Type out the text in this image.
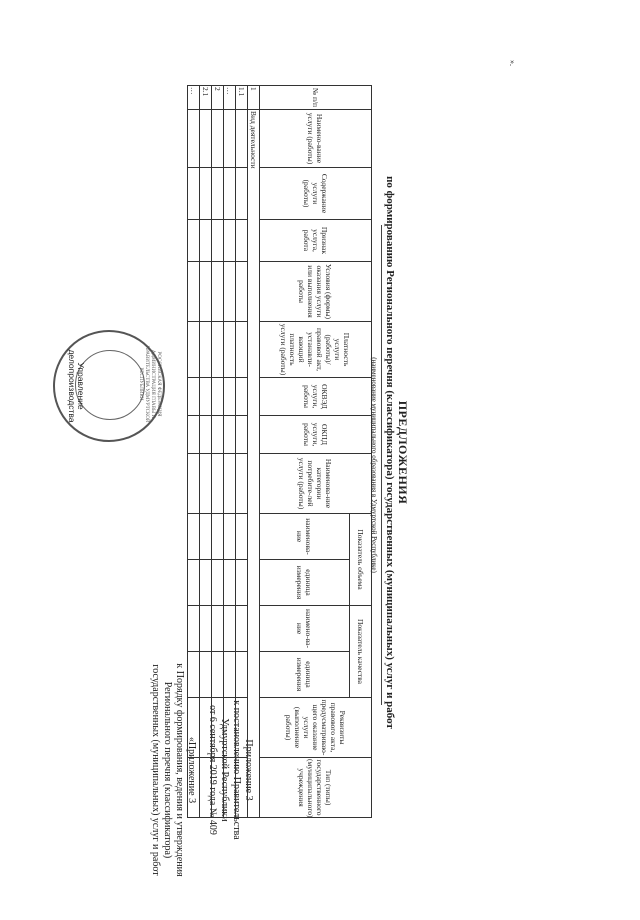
Приложение 3
к постановлению Правительства
Удмуртской Республики
от 6 сентября 2019 года № 409
«Приложение 3
к Порядку формирования, ведения и утверждения
Регионального перечня (классификатора)
государственных (муниципальных) услуг и работ
ПРЕДЛОЖЕНИЯ
по формированию Регионального перечня (классификатора) государственных (муниципальных) услуг и работ
(наименование муниципального образования в Удмуртской Республике)
№ п/п	Наимено-вание услуги (работы)	Содержание услуги (работы)	Признак услуга, работа	Условия (формы) оказания услуги или выполнения работы	Платность услуги (работы)/ правовой акт, устанавли-вающий платность услуги (работы)	ОКВЭД услуги, работы	ОКПД услуги, работы	Наименова-ние категории потребите-лей услуги (работы)	Показатель объема		Показатель качества		Реквизиты правового акта, предусматриваю-щего оказание услуги (выполнение работы)	Тип (типы) государственного (муниципального) учреждения
									наименова-ние	единица измерения	наимено-ва-ние	единица измерения		
1	Вид деятельности													
1.1														
…														
2														
2.1														
…														
РОССИЙСКАЯ ФЕДЕРАЦИЯ АДМИНИСТРАЦИЯ ГЛАВЫ И ПРАВИТЕЛЬСТВА УДМУРТСКОЙ РЕСПУБЛИКИ
Управление
делопроизводства
».
